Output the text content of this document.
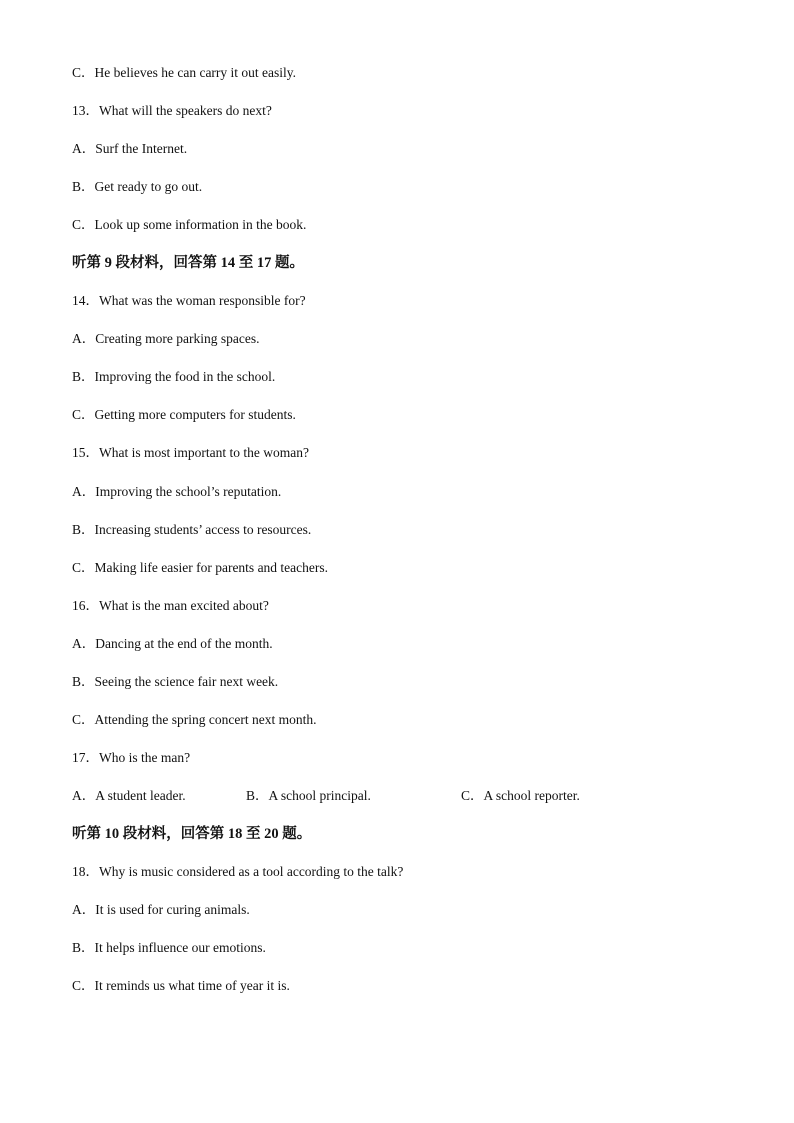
C．He believes he can carry it out easily.
13．What will the speakers do next?
A．Surf the Internet.
B．Get ready to go out.
C．Look up some information in the book.
听第 9 段材料，回答第 14 至 17 题。
14．What was the woman responsible for?
A．Creating more parking spaces.
B．Improving the food in the school.
C．Getting more computers for students.
15．What is most important to the woman?
A．Improving the school’s reputation.
B．Increasing students’ access to resources.
C．Making life easier for parents and teachers.
16．What is the man excited about?
A．Dancing at the end of the month.
B．Seeing the science fair next week.
C．Attending the spring concert next month.
17．Who is the man?
A．A student leader.	B．A school principal.	C．A school reporter.
听第 10 段材料，回答第 18 至 20 题。
18．Why is music considered as a tool according to the talk?
A．It is used for curing animals.
B．It helps influence our emotions.
C．It reminds us what time of year it is.
